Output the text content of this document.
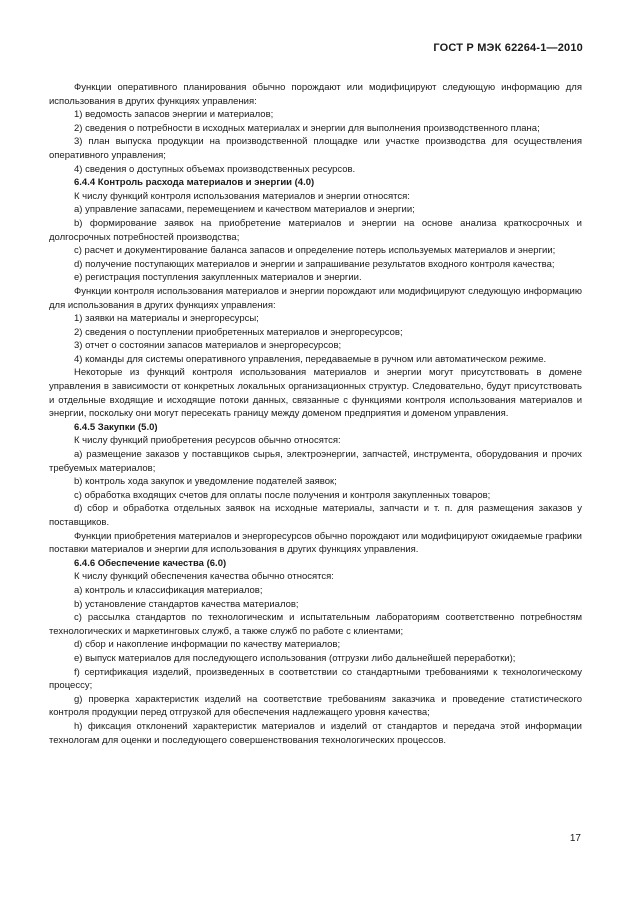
ГОСТ Р МЭК 62264-1—2010

Функции оперативного планирования обычно порождают или модифицируют следующую информацию для использования в других функциях управления:

1) ведомость запасов энергии и материалов;

2) сведения о потребности в исходных материалах и энергии для выполнения производственного плана;

3) план выпуска продукции на производственной площадке или участке производства для осуществления оперативного управления;

4) сведения о доступных объемах производственных ресурсов.

6.4.4 Контроль расхода материалов и энергии (4.0)

К числу функций контроля использования материалов и энергии относятся:

a) управление запасами, перемещением и качеством материалов и энергии;

b) формирование заявок на приобретение материалов и энергии на основе анализа краткосрочных и долгосрочных потребностей производства;

c) расчет и документирование баланса запасов и определение потерь используемых материалов и энергии;

d) получение поступающих материалов и энергии и запрашивание результатов входного контроля качества;

e) регистрация поступления закупленных материалов и энергии.

Функции контроля использования материалов и энергии порождают или модифицируют следующую информацию для использования в других функциях управления:

1) заявки на материалы и энергоресурсы;

2) сведения о поступлении приобретенных материалов и энергоресурсов;

3) отчет о состоянии запасов материалов и энергоресурсов;

4) команды для системы оперативного управления, передаваемые в ручном или автоматическом режиме.

Некоторые из функций контроля использования материалов и энергии могут присутствовать в домене управления в зависимости от конкретных локальных организационных структур. Следовательно, будут присутствовать и отдельные входящие и исходящие потоки данных, связанные с функциями контроля использования материалов и энергии, поскольку они могут пересекать границу между доменом предприятия и доменом управления.

6.4.5 Закупки (5.0)

К числу функций приобретения ресурсов обычно относятся:

a) размещение заказов у поставщиков сырья, электроэнергии, запчастей, инструмента, оборудования и прочих требуемых материалов;

b) контроль хода закупок и уведомление подателей заявок;

c) обработка входящих счетов для оплаты после получения и контроля закупленных товаров;

d) сбор и обработка отдельных заявок на исходные материалы, запчасти и т. п. для размещения заказов у поставщиков.

Функции приобретения материалов и энергоресурсов обычно порождают или модифицируют ожидаемые графики поставки материалов и энергии для использования в других функциях управления.

6.4.6 Обеспечение качества (6.0)

К числу функций обеспечения качества обычно относятся:

a) контроль и классификация материалов;

b) установление стандартов качества материалов;

c) рассылка стандартов по технологическим и испытательным лабораториям соответственно потребностям технологических и маркетинговых служб, а также служб по работе с клиентами;

d) сбор и накопление информации по качеству материалов;

e) выпуск материалов для последующего использования (отгрузки либо дальнейшей переработки);

f) сертификация изделий, произведенных в соответствии со стандартными требованиями к технологическому процессу;

g) проверка характеристик изделий на соответствие требованиям заказчика и проведение статистического контроля продукции перед отгрузкой для обеспечения надлежащего уровня качества;

h) фиксация отклонений характеристик материалов и изделий от стандартов и передача этой информации технологам для оценки и последующего совершенствования технологических процессов.

17
